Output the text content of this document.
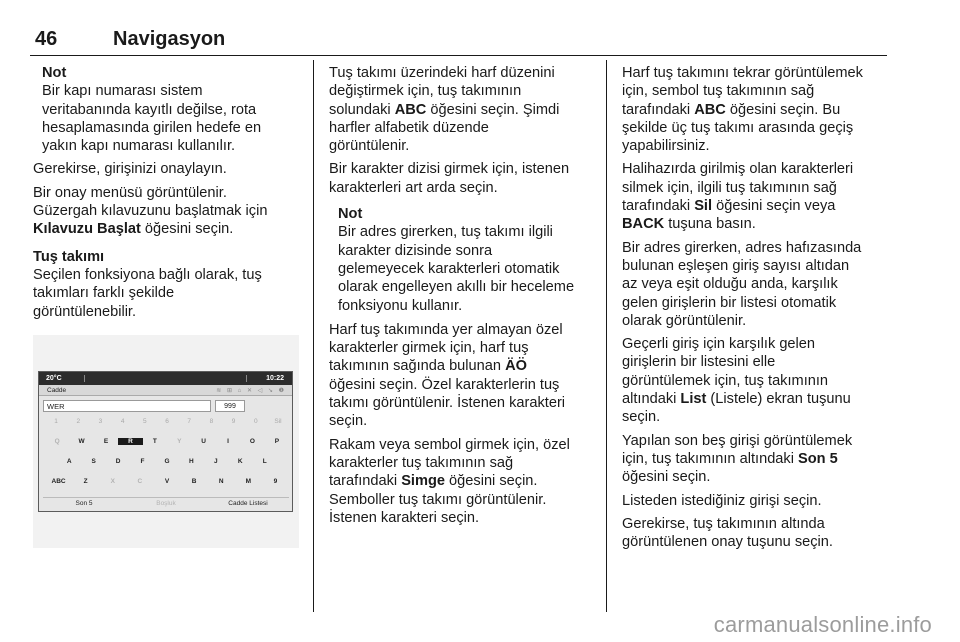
46	Navigasyon
Not
Bir kapı numarası sistem
veritabanında kayıtlı değilse, rota
hesaplamasında girilen hedefe en
yakın kapı numarası kullanılır.
Gerekirse, girişinizi onaylayın.
Bir onay menüsü görüntülenir.
Güzergah kılavuzunu başlatmak için
Kılavuzu Başlat öğesini seçin.
Tuş takımı
Seçilen fonksiyona bağlı olarak, tuş
takımları farklı şekilde
görüntülenebilir.
20°C	10:22
Cadde	≋ ⊞ ⌂ ✕ ◁ ↘ ❶
WER	999
1	2	3	4	5	6	7	8	9	0	Sil
Q	W	E	R	T	Y	U	I	O	P
A	S	D	F	G	H	J	K	L
ABC	Z	X	C	V	B	N	M	9
Son 5	Boşluk	Cadde Listesi
Tuş takımı üzerindeki harf düzenini
değiştirmek için, tuş takımının
solundaki ABC öğesini seçin. Şimdi
harfler alfabetik düzende
görüntülenir.
Bir karakter dizisi girmek için, istenen
karakterleri art arda seçin.
Not
Bir adres girerken, tuş takımı ilgili
karakter dizisinde sonra
gelemeyecek karakterleri otomatik
olarak engelleyen akıllı bir heceleme
fonksiyonu kullanır.
Harf tuş takımında yer almayan özel
karakterler girmek için, harf tuş
takımının sağında bulunan ÄÖ
öğesini seçin. Özel karakterlerin tuş
takımı görüntülenir. İstenen karakteri
seçin.
Rakam veya sembol girmek için, özel
karakterler tuş takımının sağ
tarafındaki Simge öğesini seçin.
Semboller tuş takımı görüntülenir.
İstenen karakteri seçin.
Harf tuş takımını tekrar görüntülemek
için, sembol tuş takımının sağ
tarafındaki ABC öğesini seçin. Bu
şekilde üç tuş takımı arasında geçiş
yapabilirsiniz.
Halihazırda girilmiş olan karakterleri
silmek için, ilgili tuş takımının sağ
tarafındaki Sil öğesini seçin veya
BACK tuşuna basın.
Bir adres girerken, adres hafızasında
bulunan eşleşen giriş sayısı altıdan
az veya eşit olduğu anda, karşılık
gelen girişlerin bir listesi otomatik
olarak görüntülenir.
Geçerli giriş için karşılık gelen
girişlerin bir listesini elle
görüntülemek için, tuş takımının
altındaki List (Listele) ekran tuşunu
seçin.
Yapılan son beş girişi görüntülemek
için, tuş takımının altındaki Son 5
öğesini seçin.
Listeden istediğiniz girişi seçin.
Gerekirse, tuş takımının altında
görüntülenen onay tuşunu seçin.
carmanualsonline.info
